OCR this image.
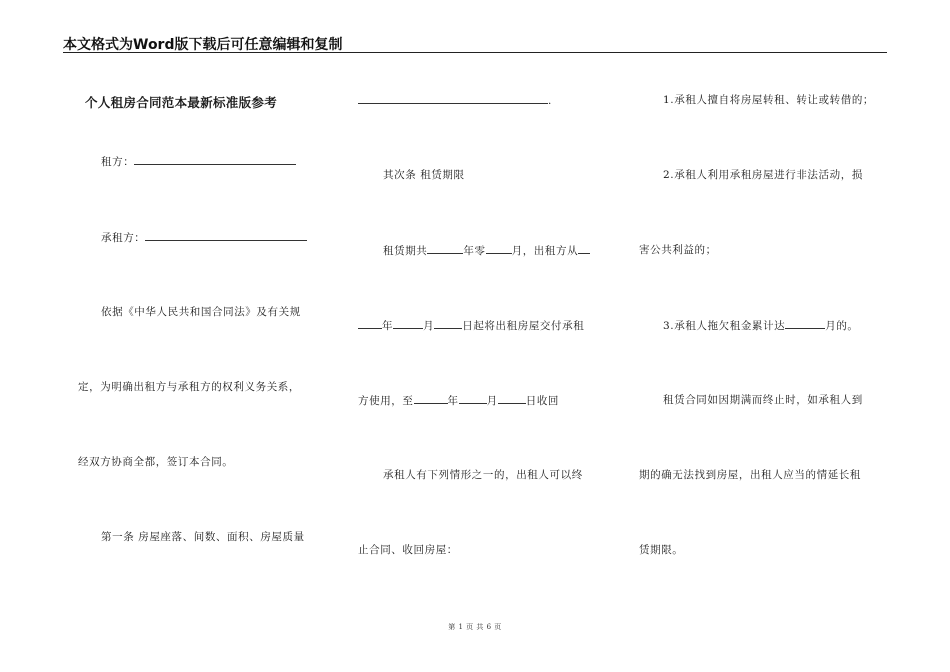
本文格式为Word版下载后可任意编辑和复制
个人租房合同范本最新标准版参考
租方：
承租方：
依据《中华人民共和国合同法》及有关规
定，为明确出租方与承租方的权利义务关系，
经双方协商全都，签订本合同。
第一条 房屋座落、间数、面积、房屋质量
.
其次条 租赁期限
租赁期共	年零 月，出租方从
年	月	日起将出租房屋交付承租
方使用，至	年	月	日收回
承租人有下列情形之一的，出租人可以终
止合同、收回房屋：
1.承租人擅自将房屋转租、转让或转借的；
2.承租人利用承租房屋进行非法活动，损
害公共利益的；
3.承租人拖欠租金累计达	月的。
租赁合同如因期满而终止时，如承租人到
期的确无法找到房屋，出租人应当的情延长租
赁期限。
第 1 页 共 6 页
